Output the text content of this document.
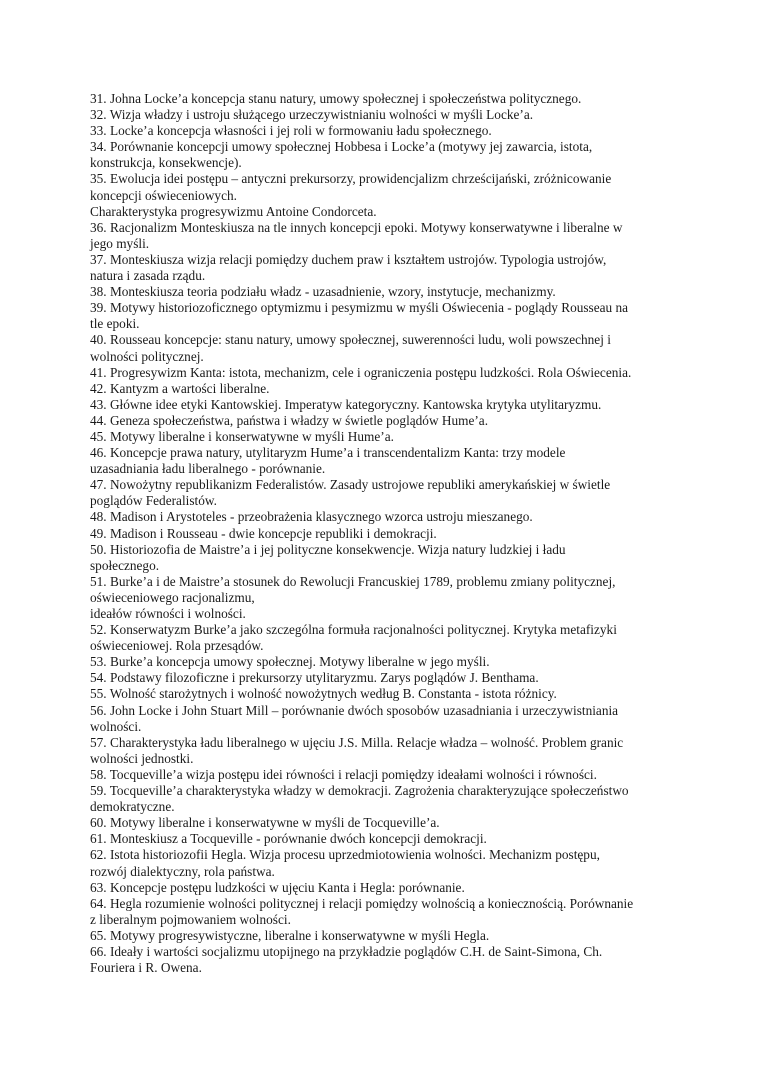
31. Johna Locke’a koncepcja stanu natury, umowy społecznej i społeczeństwa politycznego.
32. Wizja władzy i ustroju służącego urzeczywistnianiu wolności w myśli Locke’a.
33. Locke’a koncepcja własności i jej roli w formowaniu ładu społecznego.
34. Porównanie koncepcji umowy społecznej Hobbesa i Locke’a (motywy jej zawarcia, istota,
konstrukcja, konsekwencje).
35. Ewolucja idei postępu – antyczni prekursorzy, prowidencjalizm chrześcijański, zróżnicowanie
koncepcji oświeceniowych.
Charakterystyka progresywizmu Antoine Condorceta.
36. Racjonalizm Monteskiusza na tle innych koncepcji epoki. Motywy konserwatywne i liberalne w
jego myśli.
37. Monteskiusza wizja relacji pomiędzy duchem praw i kształtem ustrojów. Typologia ustrojów,
natura i zasada rządu.
38. Monteskiusza teoria podziału władz - uzasadnienie, wzory, instytucje, mechanizmy.
39. Motywy historiozoficznego optymizmu i pesymizmu w myśli Oświecenia - poglądy Rousseau na
tle epoki.
40. Rousseau koncepcje: stanu natury, umowy społecznej, suwerenności ludu, woli powszechnej i
wolności politycznej.
41. Progresywizm Kanta: istota, mechanizm, cele i ograniczenia postępu ludzkości. Rola Oświecenia.
42. Kantyzm a wartości liberalne.
43. Główne idee etyki Kantowskiej. Imperatyw kategoryczny. Kantowska krytyka utylitaryzmu.
44. Geneza społeczeństwa, państwa i władzy w świetle poglądów Hume’a.
45. Motywy liberalne i konserwatywne w myśli Hume’a.
46. Koncepcje prawa natury, utylitaryzm Hume’a i transcendentalizm Kanta: trzy modele
uzasadniania ładu liberalnego - porównanie.
47. Nowożytny republikanizm Federalistów. Zasady ustrojowe republiki amerykańskiej w świetle
poglądów Federalistów.
48. Madison i Arystoteles - przeobrażenia klasycznego wzorca ustroju mieszanego.
49. Madison i Rousseau - dwie koncepcje republiki i demokracji.
50. Historiozofia de Maistre’a i jej polityczne konsekwencje. Wizja natury ludzkiej i ładu
społecznego.
51. Burke’a i de Maistre’a stosunek do Rewolucji Francuskiej 1789, problemu zmiany politycznej,
oświeceniowego racjonalizmu,
ideałów równości i wolności.
52. Konserwatyzm Burke’a jako szczególna formuła racjonalności politycznej. Krytyka metafizyki
oświeceniowej. Rola przesądów.
53. Burke’a koncepcja umowy społecznej. Motywy liberalne w jego myśli.
54. Podstawy filozoficzne i prekursorzy utylitaryzmu. Zarys poglądów J. Benthama.
55. Wolność starożytnych i wolność nowożytnych według B. Constanta - istota różnicy.
56. John Locke i John Stuart Mill – porównanie dwóch sposobów uzasadniania i urzeczywistniania
wolności.
57. Charakterystyka ładu liberalnego w ujęciu J.S. Milla. Relacje władza – wolność. Problem granic
wolności jednostki.
58. Tocqueville’a wizja postępu idei równości i relacji pomiędzy ideałami wolności i równości.
59. Tocqueville’a charakterystyka władzy w demokracji. Zagrożenia charakteryzujące społeczeństwo
demokratyczne.
60. Motywy liberalne i konserwatywne w myśli de Tocqueville’a.
61. Monteskiusz a Tocqueville - porównanie dwóch koncepcji demokracji.
62. Istota historiozofii Hegla. Wizja procesu uprzedmiotowienia wolności. Mechanizm postępu,
rozwój dialektyczny, rola państwa.
63. Koncepcje postępu ludzkości w ujęciu Kanta i Hegla: porównanie.
64. Hegla rozumienie wolności politycznej i relacji pomiędzy wolnością a koniecznością. Porównanie
z liberalnym pojmowaniem wolności.
65. Motywy progresywistyczne, liberalne i konserwatywne w myśli Hegla.
66. Ideały i wartości socjalizmu utopijnego na przykładzie poglądów C.H. de Saint-Simona, Ch.
Fouriera i R. Owena.
